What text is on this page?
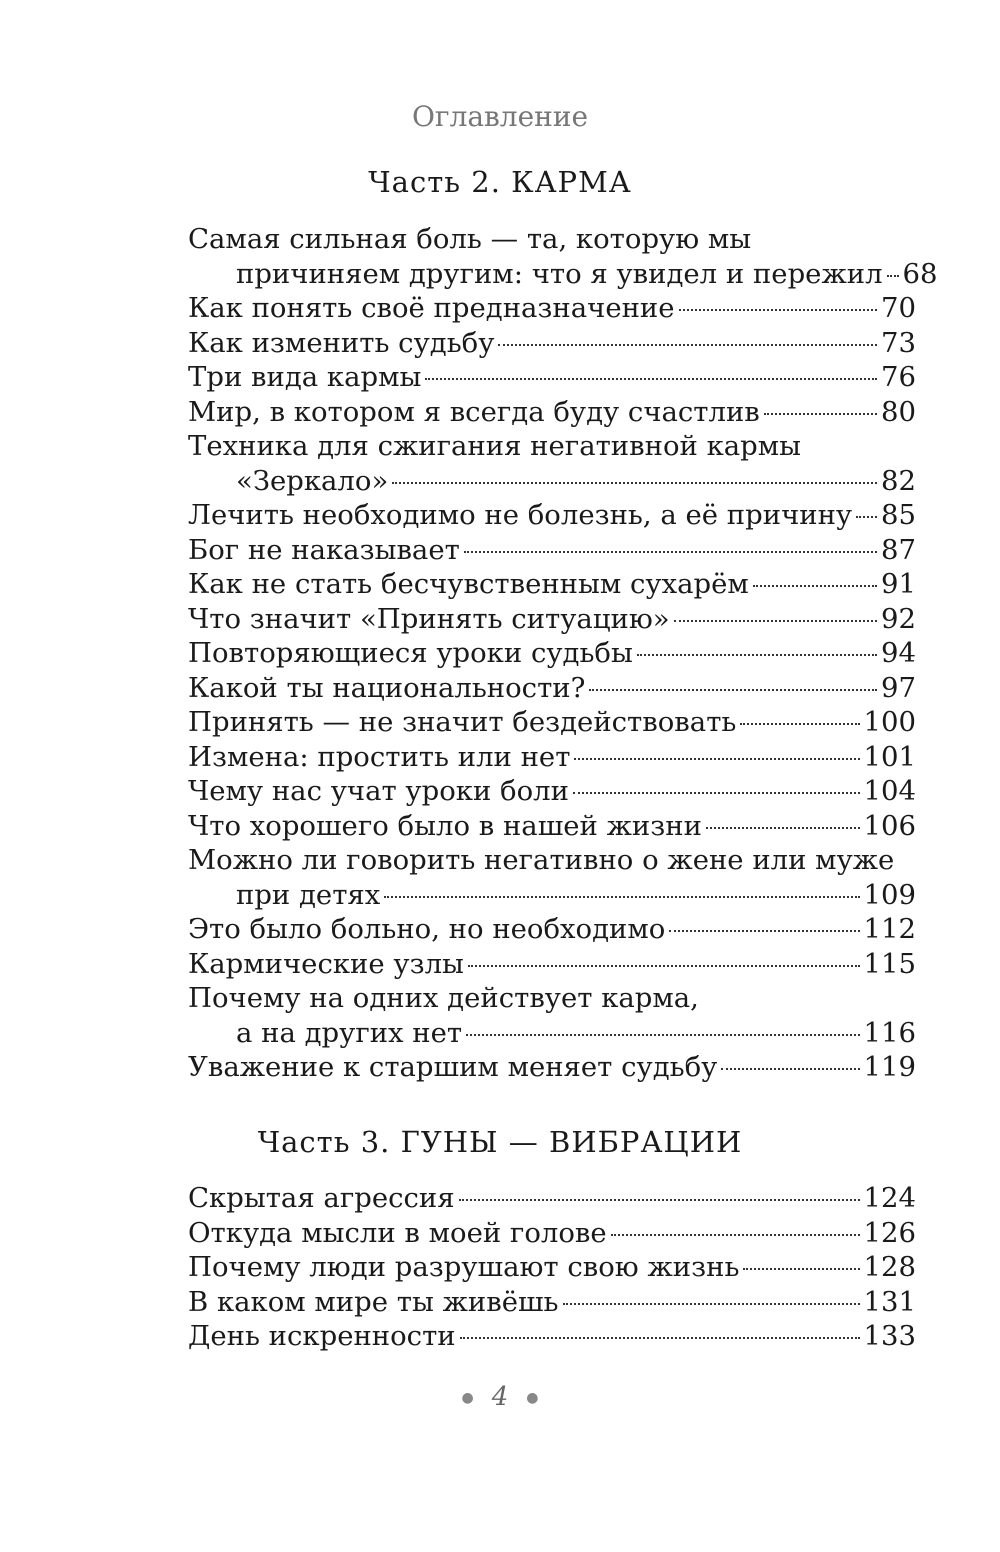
Оглавление
Часть 2. КАРМА
Самая сильная боль — та, которую мы
причиняем другим: что я увидел и пережил 68
Как понять своё предназначение	70
Как изменить судьбу	73
Три вида кармы	76
Мир, в котором я всегда буду счастлив	80
Техника для сжигания негативной кармы
«Зеркало»	82
Лечить необходимо не болезнь, а её причину 85
Бог не наказывает	87
Как не стать бесчувственным сухарём	91
Что значит «Принять ситуацию»	92
Повторяющиеся уроки судьбы	94
Какой ты национальности?	97
Принять — не значит бездействовать	100
Измена: простить или нет	101
Чему нас учат уроки боли	104
Что хорошего было в нашей жизни	106
Можно ли говорить негативно о жене или муже
при детях	109
Это было больно, но необходимо	112
Кармические узлы	115
Почему на одних действует карма,
а на других нет	116
Уважение к старшим меняет судьбу	119
Часть 3. ГУНЫ — ВИБРАЦИИ
Скрытая агрессия	124
Откуда мысли в моей голове	126
Почему люди разрушают свою жизнь	128
В каком мире ты живёшь	131
День искренности	133
● 4 ●
